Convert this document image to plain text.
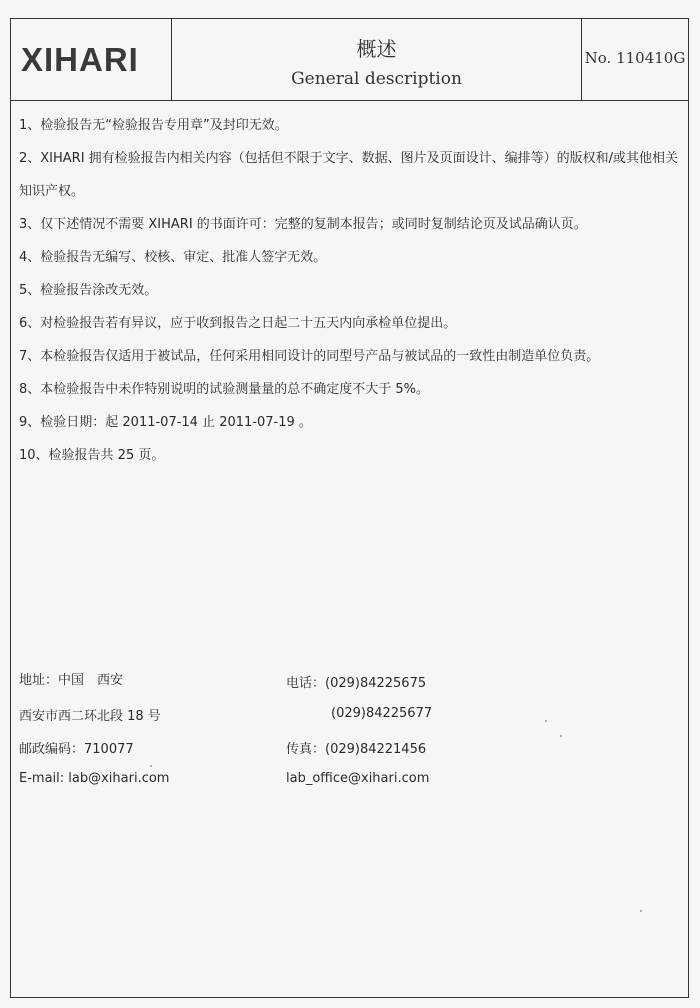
XIHARI	概述
General description
No. 110410G
1、检验报告无“检验报告专用章”及封印无效。
2、XIHARI 拥有检验报告内相关内容（包括但不限于文字、数据、图片及页面设计、编排等）的版权和/或其他相关知识产权。
3、仅下述情况不需要 XIHARI 的书面许可：完整的复制本报告；或同时复制结论页及试品确认页。
4、检验报告无编写、校核、审定、批准人签字无效。
5、检验报告涂改无效。
6、对检验报告若有异议，应于收到报告之日起二十五天内向承检单位提出。
7、本检验报告仅适用于被试品，任何采用相同设计的同型号产品与被试品的一致性由制造单位负责。
8、本检验报告中未作特别说明的试验测量量的总不确定度不大于 5%。
9、检验日期：起 2011-07-14 止 2011-07-19 。
10、检验报告共 25 页。
地址：中国　西安
西安市西二环北段 18 号
邮政编码：710077
E-mail: lab@xihari.com
电话：(029)84225675
(029)84225677
传真：(029)84221456
lab_office@xihari.com
